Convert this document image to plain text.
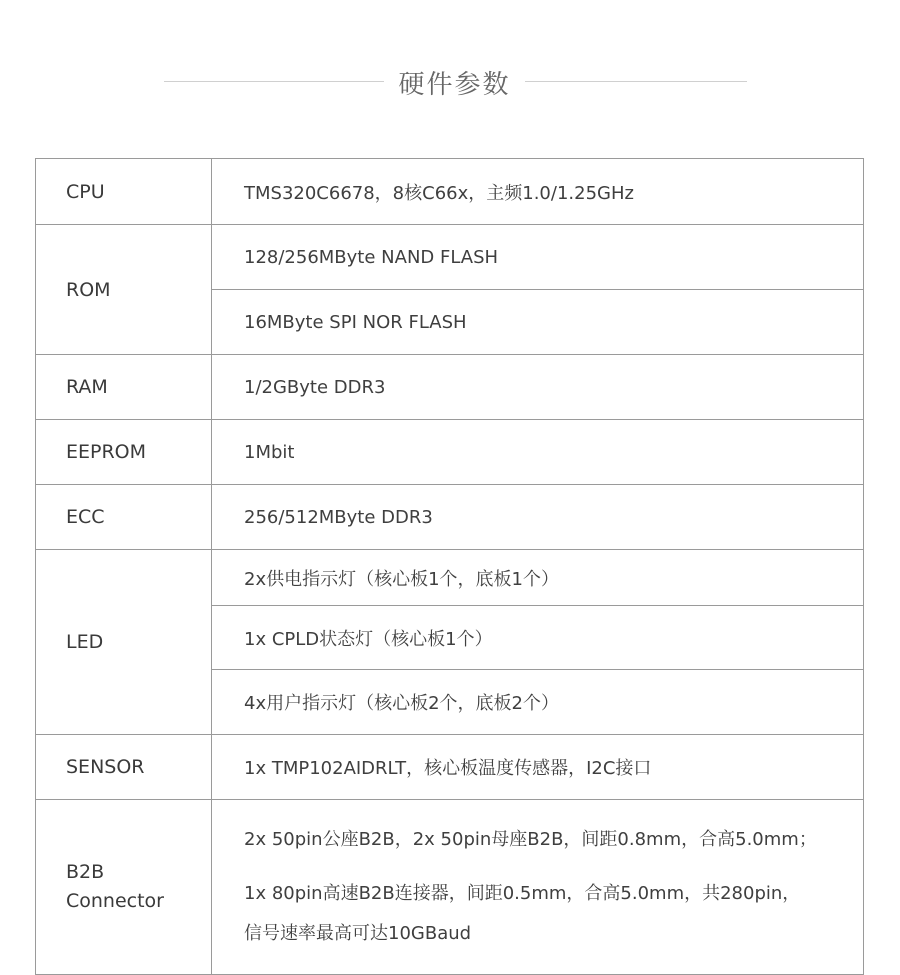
硬件参数
CPU	TMS320C6678，8核C66x，主频1.0/1.25GHz
ROM	128/256MByte NAND FLASH
	16MByte SPI NOR FLASH
RAM	1/2GByte DDR3
EEPROM	1Mbit
ECC	256/512MByte DDR3
LED	2x供电指示灯（核心板1个，底板1个）
	1x CPLD状态灯（核心板1个）
	4x用户指示灯（核心板2个，底板2个）
SENSOR	1x TMP102AIDRLT，核心板温度传感器，I2C接口

B2B
Connector	2x 50pin公座B2B，2x 50pin母座B2B，间距0.8mm，合高5.0mm；
1x 80pin高速B2B连接器，间距0.5mm，合高5.0mm，共280pin，
信号速率最高可达10GBaud
